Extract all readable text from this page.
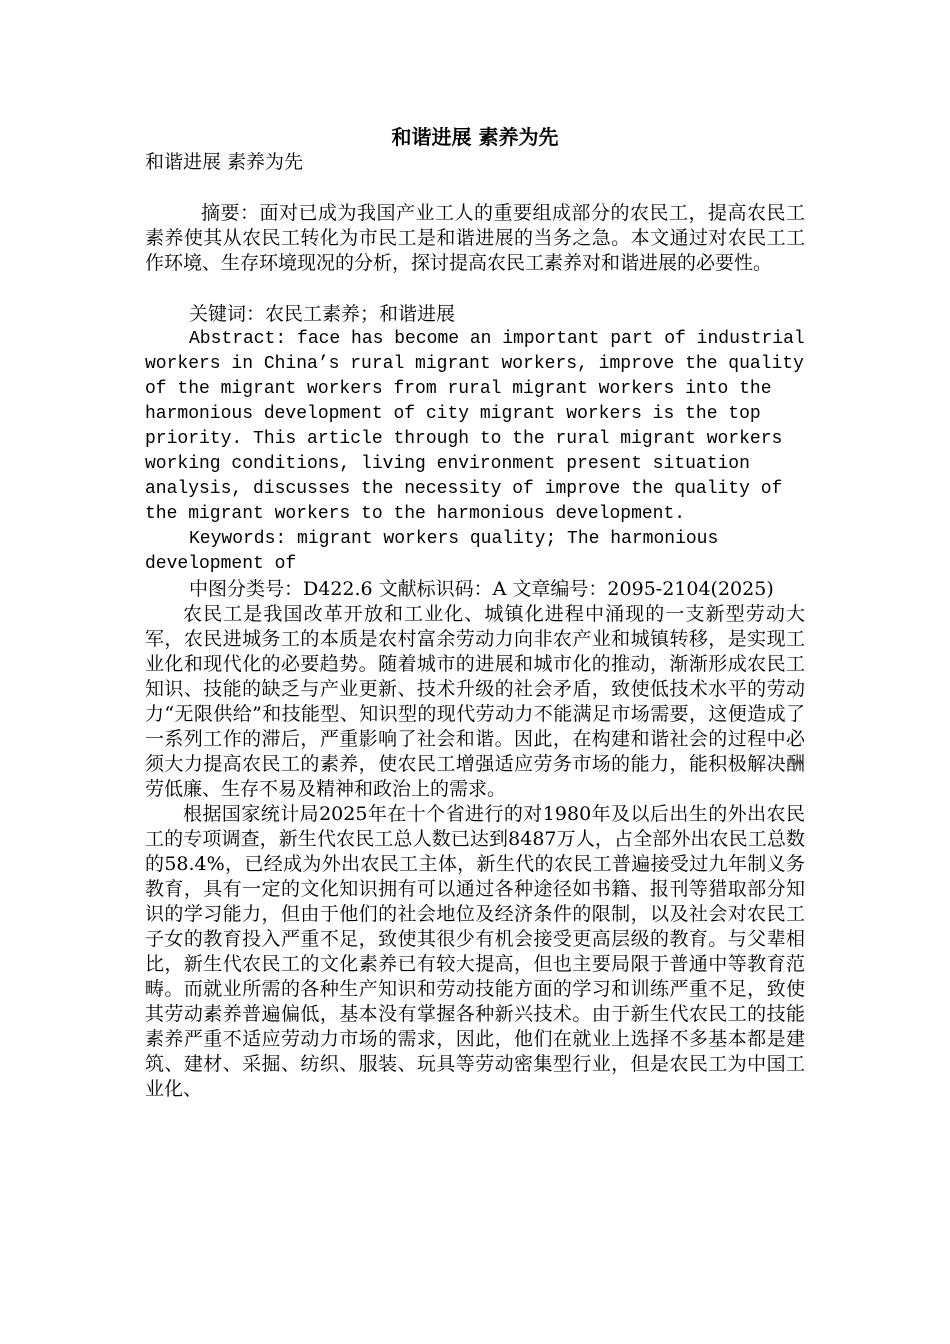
和谐进展 素养为先

和谐进展 素养为先

摘要：面对已成为我国产业工人的重要组成部分的农民工，提高农民工素养使其从农民工转化为市民工是和谐进展的当务之急。本文通过对农民工工作环境、生存环境现况的分析，探讨提高农民工素养对和谐进展的必要性。

关键词：农民工素养；和谐进展

Abstract: face has become an important part of industrial workers in China’s rural migrant workers, improve the quality of the migrant workers from rural migrant workers into the harmonious development of city migrant workers is the top priority. This article through to the rural migrant workers working conditions, living environment present situation analysis, discusses the necessity of improve the quality of the migrant workers to the harmonious development.

Keywords: migrant workers quality; The harmonious development of

中图分类号：D422.6 文献标识码：A 文章编号：2095-2104(2025)

农民工是我国改革开放和工业化、城镇化进程中涌现的一支新型劳动大军，农民进城务工的本质是农村富余劳动力向非农产业和城镇转移，是实现工业化和现代化的必要趋势。随着城市的进展和城市化的推动，渐渐形成农民工知识、技能的缺乏与产业更新、技术升级的社会矛盾，致使低技术水平的劳动力“无限供给”和技能型、知识型的现代劳动力不能满足市场需要，这便造成了一系列工作的滞后，严重影响了社会和谐。因此，在构建和谐社会的过程中必须大力提高农民工的素养，使农民工增强适应劳务市场的能力，能积极解决酬劳低廉、生存不易及精神和政治上的需求。

根据国家统计局2025年在十个省进行的对1980年及以后出生的外出农民工的专项调查，新生代农民工总人数已达到8487万人，占全部外出农民工总数的58.4%，已经成为外出农民工主体，新生代的农民工普遍接受过九年制义务教育，具有一定的文化知识拥有可以通过各种途径如书籍、报刊等猎取部分知识的学习能力，但由于他们的社会地位及经济条件的限制，以及社会对农民工子女的教育投入严重不足，致使其很少有机会接受更高层级的教育。与父辈相比，新生代农民工的文化素养已有较大提高，但也主要局限于普通中等教育范畴。而就业所需的各种生产知识和劳动技能方面的学习和训练严重不足，致使其劳动素养普遍偏低，基本没有掌握各种新兴技术。由于新生代农民工的技能素养严重不适应劳动力市场的需求，因此，他们在就业上选择不多基本都是建筑、建材、采掘、纺织、服装、玩具等劳动密集型行业，但是农民工为中国工业化、
